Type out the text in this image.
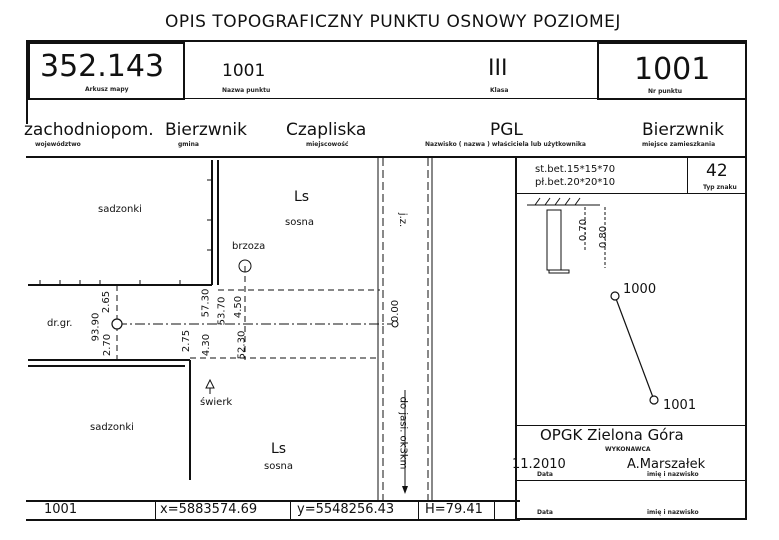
OPIS TOPOGRAFICZNY PUNKTU OSNOWY POZIOMEJ
352.143
Arkusz mapy
1001
Nazwa punktu
III
Klasa
1001
Nr punktu
zachodniopom.
województwo
Bierzwnik
gmina
Czapliska
miejscowość
PGL
Nazwisko ( nazwa ) właściciela lub użytkownika
Bierzwnik
miejsce zamieszkania
sadzonki
Ls
sosna
brzoza
j.z.
dr.gr. 93.90
2.65
2.70
57.30 53.70 4.50	0.00
2.75 4.30 52.30
świerk
sadzonki
Ls
sosna	do jasi. ok3km
st.bet.15*15*70
pł.bet.20*20*10
42
Typ znaku
0.70 0.80
1000
1001
OPGK Zielona Góra
WYKONAWCA
11.2010
Data
A.Marszałek
imię i nazwisko
Data	imię i nazwisko
1001	x=5883574.69	y=5548256.43 H=79.41
